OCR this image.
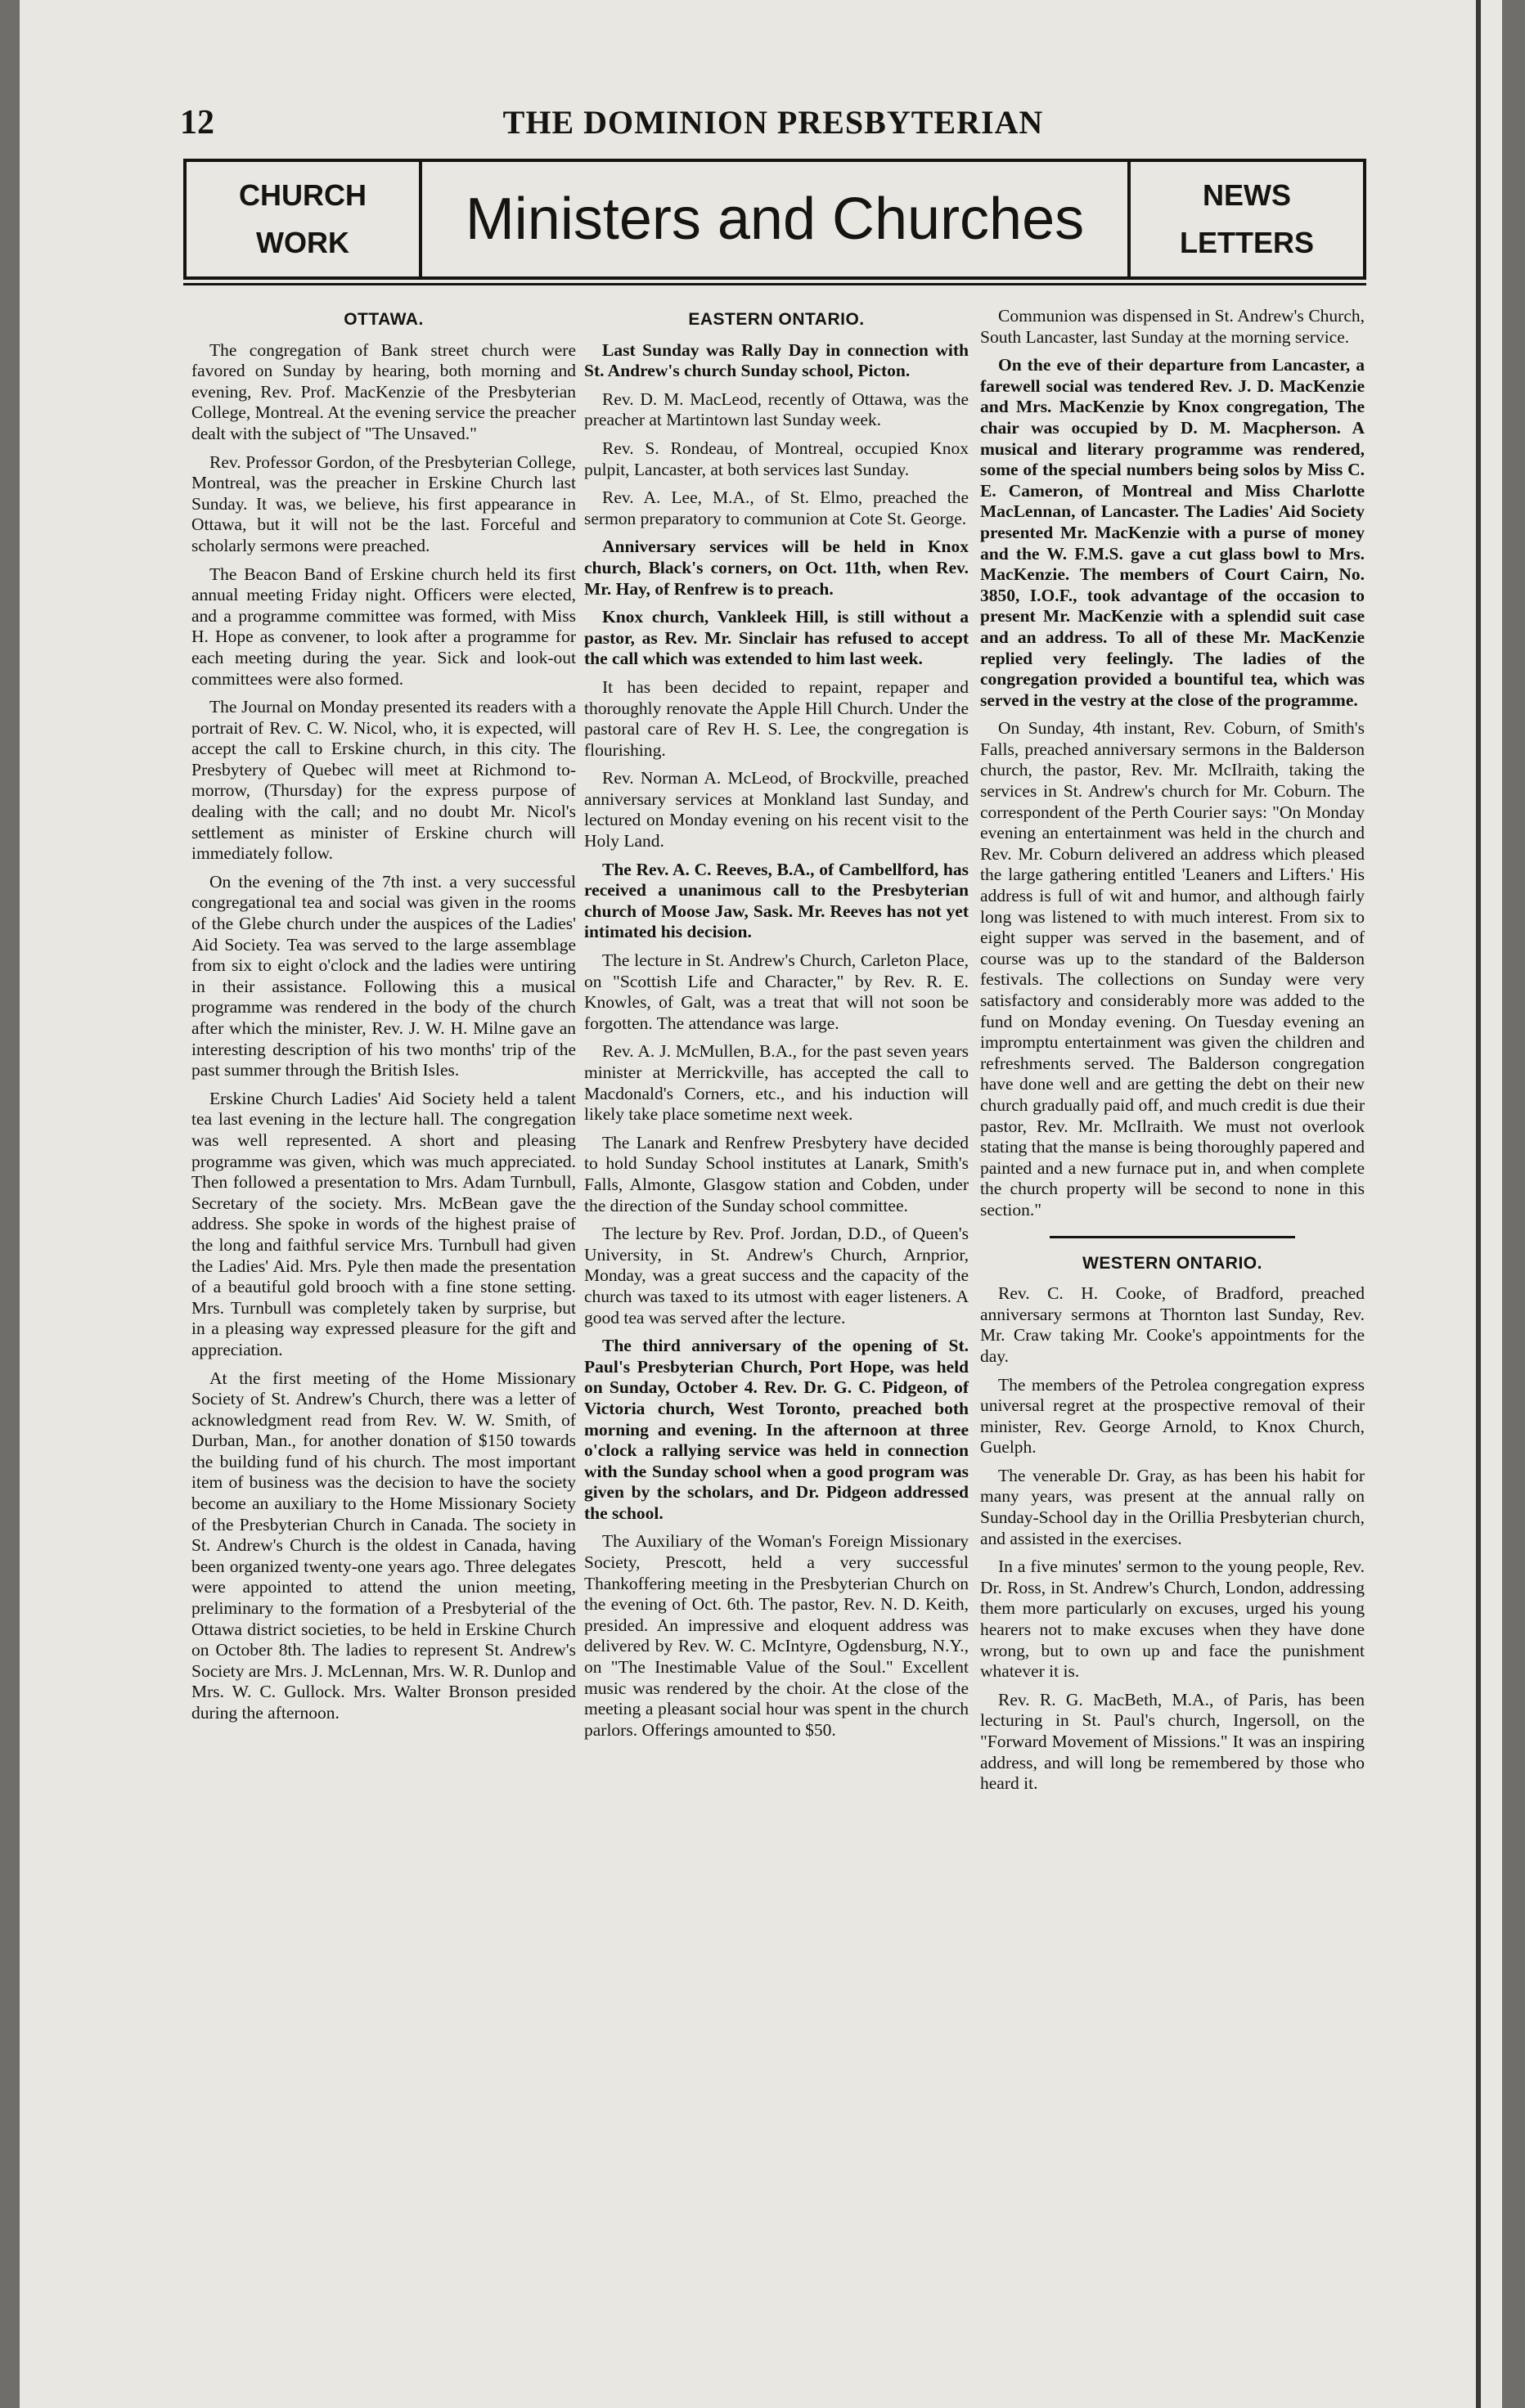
12	THE DOMINION PRESBYTERIAN
CHURCH
WORK	Ministers and Churches	NEWS
LETTERS
OTTAWA.

The congregation of Bank street church were favored on Sunday by hearing, both morning and evening, Rev. Prof. MacKenzie of the Presbyterian College, Montreal. At the evening service the preacher dealt with the subject of "The Unsaved."

Rev. Professor Gordon, of the Presbyterian College, Montreal, was the preacher in Erskine Church last Sunday. It was, we believe, his first appearance in Ottawa, but it will not be the last. Forceful and scholarly sermons were preached.

The Beacon Band of Erskine church held its first annual meeting Friday night. Officers were elected, and a programme committee was formed, with Miss H. Hope as convener, to look after a programme for each meeting during the year. Sick and look-out committees were also formed.

The Journal on Monday presented its readers with a portrait of Rev. C. W. Nicol, who, it is expected, will accept the call to Erskine church, in this city. The Presbytery of Quebec will meet at Richmond to-morrow, (Thursday) for the express purpose of dealing with the call; and no doubt Mr. Nicol's settlement as minister of Erskine church will immediately follow.

On the evening of the 7th inst. a very successful congregational tea and social was given in the rooms of the Glebe church under the auspices of the Ladies' Aid Society. Tea was served to the large assemblage from six to eight o'clock and the ladies were untiring in their assistance. Following this a musical programme was rendered in the body of the church after which the minister, Rev. J. W. H. Milne gave an interesting description of his two months' trip of the past summer through the British Isles.

Erskine Church Ladies' Aid Society held a talent tea last evening in the lecture hall. The congregation was well represented. A short and pleasing programme was given, which was much appreciated. Then followed a presentation to Mrs. Adam Turnbull, Secretary of the society. Mrs. McBean gave the address. She spoke in words of the highest praise of the long and faithful service Mrs. Turnbull had given the Ladies' Aid. Mrs. Pyle then made the presentation of a beautiful gold brooch with a fine stone setting. Mrs. Turnbull was completely taken by surprise, but in a pleasing way expressed pleasure for the gift and appreciation.

At the first meeting of the Home Missionary Society of St. Andrew's Church, there was a letter of acknowledgment read from Rev. W. W. Smith, of Durban, Man., for another donation of $150 towards the building fund of his church. The most important item of business was the decision to have the society become an auxiliary to the Home Missionary Society of the Presbyterian Church in Canada. The society in St. Andrew's Church is the oldest in Canada, having been organized twenty-one years ago. Three delegates were appointed to attend the union meeting, preliminary to the formation of a Presbyterial of the Ottawa district societies, to be held in Erskine Church on October 8th. The ladies to represent St. Andrew's Society are Mrs. J. McLennan, Mrs. W. R. Dunlop and Mrs. W. C. Gullock. Mrs. Walter Bronson presided during the afternoon.

EASTERN ONTARIO.

Last Sunday was Rally Day in connection with St. Andrew's church Sunday school, Picton.

Rev. D. M. MacLeod, recently of Ottawa, was the preacher at Martintown last Sunday week.

Rev. S. Rondeau, of Montreal, occupied Knox pulpit, Lancaster, at both services last Sunday.

Rev. A. Lee, M.A., of St. Elmo, preached the sermon preparatory to communion at Cote St. George.

Anniversary services will be held in Knox church, Black's corners, on Oct. 11th, when Rev. Mr. Hay, of Renfrew is to preach.

Knox church, Vankleek Hill, is still without a pastor, as Rev. Mr. Sinclair has refused to accept the call which was extended to him last week.

It has been decided to repaint, repaper and thoroughly renovate the Apple Hill Church. Under the pastoral care of Rev H. S. Lee, the congregation is flourishing.

Rev. Norman A. McLeod, of Brockville, preached anniversary services at Monkland last Sunday, and lectured on Monday evening on his recent visit to the Holy Land.

The Rev. A. C. Reeves, B.A., of Cambellford, has received a unanimous call to the Presbyterian church of Moose Jaw, Sask. Mr. Reeves has not yet intimated his decision.

The lecture in St. Andrew's Church, Carleton Place, on "Scottish Life and Character," by Rev. R. E. Knowles, of Galt, was a treat that will not soon be forgotten. The attendance was large.

Rev. A. J. McMullen, B.A., for the past seven years minister at Merrickville, has accepted the call to Macdonald's Corners, etc., and his induction will likely take place sometime next week.

The Lanark and Renfrew Presbytery have decided to hold Sunday School institutes at Lanark, Smith's Falls, Almonte, Glasgow station and Cobden, under the direction of the Sunday school committee.

The lecture by Rev. Prof. Jordan, D.D., of Queen's University, in St. Andrew's Church, Arnprior, Monday, was a great success and the capacity of the church was taxed to its utmost with eager listeners. A good tea was served after the lecture.

The third anniversary of the opening of St. Paul's Presbyterian Church, Port Hope, was held on Sunday, October 4. Rev. Dr. G. C. Pidgeon, of Victoria church, West Toronto, preached both morning and evening. In the afternoon at three o'clock a rallying service was held in connection with the Sunday school when a good program was given by the scholars, and Dr. Pidgeon addressed the school.

The Auxiliary of the Woman's Foreign Missionary Society, Prescott, held a very successful Thankoffering meeting in the Presbyterian Church on the evening of Oct. 6th. The pastor, Rev. N. D. Keith, presided. An impressive and eloquent address was delivered by Rev. W. C. McIntyre, Ogdensburg, N.Y., on "The Inestimable Value of the Soul." Excellent music was rendered by the choir. At the close of the meeting a pleasant social hour was spent in the church parlors. Offerings amounted to $50.

Communion was dispensed in St. Andrew's Church, South Lancaster, last Sunday at the morning service.

On the eve of their departure from Lancaster, a farewell social was tendered Rev. J. D. MacKenzie and Mrs. MacKenzie by Knox congregation, The chair was occupied by D. M. Macpherson. A musical and literary programme was rendered, some of the special numbers being solos by Miss C. E. Cameron, of Montreal and Miss Charlotte MacLennan, of Lancaster. The Ladies' Aid Society presented Mr. MacKenzie with a purse of money and the W. F.M.S. gave a cut glass bowl to Mrs. MacKenzie. The members of Court Cairn, No. 3850, I.O.F., took advantage of the occasion to present Mr. MacKenzie with a splendid suit case and an address. To all of these Mr. MacKenzie replied very feelingly. The ladies of the congregation provided a bountiful tea, which was served in the vestry at the close of the programme.

On Sunday, 4th instant, Rev. Coburn, of Smith's Falls, preached anniversary sermons in the Balderson church, the pastor, Rev. Mr. McIlraith, taking the services in St. Andrew's church for Mr. Coburn. The correspondent of the Perth Courier says: "On Monday evening an entertainment was held in the church and Rev. Mr. Coburn delivered an address which pleased the large gathering entitled 'Leaners and Lifters.' His address is full of wit and humor, and although fairly long was listened to with much interest. From six to eight supper was served in the basement, and of course was up to the standard of the Balderson festivals. The collections on Sunday were very satisfactory and considerably more was added to the fund on Monday evening. On Tuesday evening an impromptu entertainment was given the children and refreshments served. The Balderson congregation have done well and are getting the debt on their new church gradually paid off, and much credit is due their pastor, Rev. Mr. McIlraith. We must not overlook stating that the manse is being thoroughly papered and painted and a new furnace put in, and when complete the church property will be second to none in this section."

WESTERN ONTARIO.

Rev. C. H. Cooke, of Bradford, preached anniversary sermons at Thornton last Sunday, Rev. Mr. Craw taking Mr. Cooke's appointments for the day.

The members of the Petrolea congregation express universal regret at the prospective removal of their minister, Rev. George Arnold, to Knox Church, Guelph.

The venerable Dr. Gray, as has been his habit for many years, was present at the annual rally on Sunday-School day in the Orillia Presbyterian church, and assisted in the exercises.

In a five minutes' sermon to the young people, Rev. Dr. Ross, in St. Andrew's Church, London, addressing them more particularly on excuses, urged his young hearers not to make excuses when they have done wrong, but to own up and face the punishment whatever it is.

Rev. R. G. MacBeth, M.A., of Paris, has been lecturing in St. Paul's church, Ingersoll, on the "Forward Movement of Missions." It was an inspiring address, and will long be remembered by those who heard it.
